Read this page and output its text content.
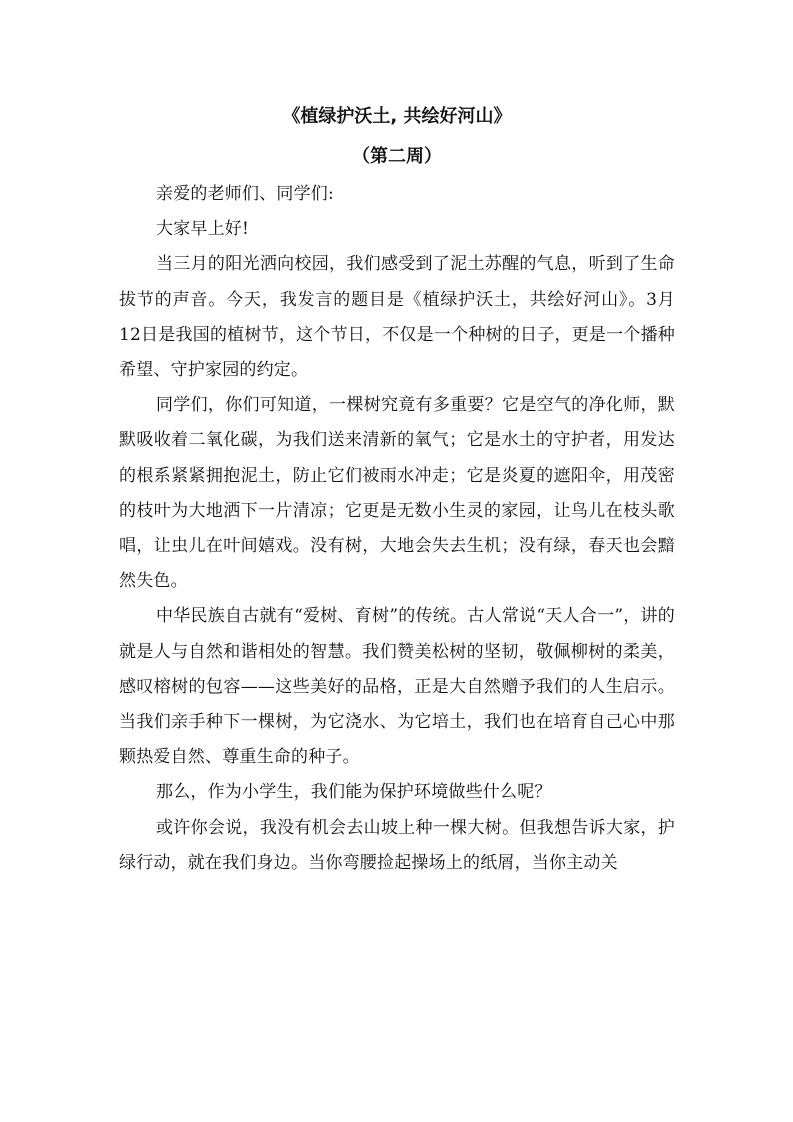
《植绿护沃土, 共绘好河山》
（第二周）

亲爱的老师们、同学们:

大家早上好!

当三月的阳光洒向校园，我们感受到了泥土苏醒的气息，听到了生命拔节的声音。今天，我发言的题目是《植绿护沃土，共绘好河山》。3月12日是我国的植树节，这个节日，不仅是一个种树的日子，更是一个播种希望、守护家园的约定。

同学们，你们可知道，一棵树究竟有多重要？它是空气的净化师，默默吸收着二氧化碳，为我们送来清新的氧气；它是水土的守护者，用发达的根系紧紧拥抱泥土，防止它们被雨水冲走；它是炎夏的遮阳伞，用茂密的枝叶为大地洒下一片清凉；它更是无数小生灵的家园，让鸟儿在枝头歌唱，让虫儿在叶间嬉戏。没有树，大地会失去生机；没有绿，春天也会黯然失色。

中华民族自古就有“爱树、育树”的传统。古人常说“天人合一”，讲的就是人与自然和谐相处的智慧。我们赞美松树的坚韧，敬佩柳树的柔美，感叹榕树的包容——这些美好的品格，正是大自然赠予我们的人生启示。当我们亲手种下一棵树，为它浇水、为它培土，我们也在培育自己心中那颗热爱自然、尊重生命的种子。

那么，作为小学生，我们能为保护环境做些什么呢？

或许你会说，我没有机会去山坡上种一棵大树。但我想告诉大家，护绿行动，就在我们身边。当你弯腰捡起操场上的纸屑，当你主动关
